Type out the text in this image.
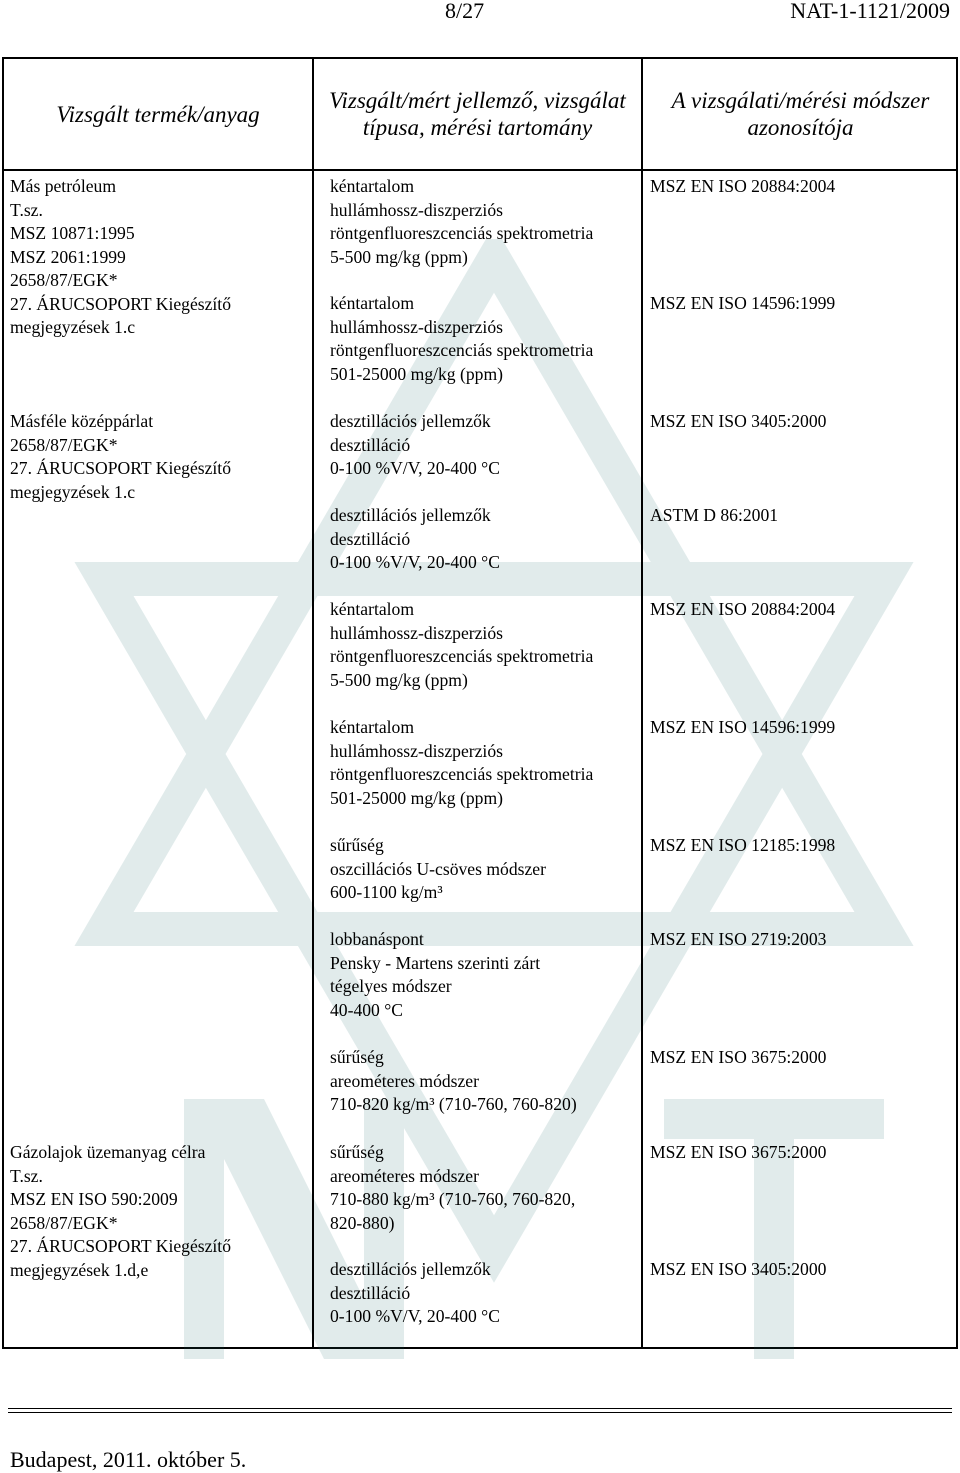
8/27	NAT-1-1121/2009
Vizsgált termék/anyag
Vizsgált/mért jellemző, vizsgálat típusa, mérési tartomány
A vizsgálati/mérési módszer azonosítója

Más petróleum

T.sz.

MSZ 10871:1995

MSZ 2061:1999

2658/87/EGK*

27. ÁRUCSOPORT Kiegészítő

megjegyzések 1.c

Másféle középpárlat

2658/87/EGK*

27. ÁRUCSOPORT Kiegészítő

megjegyzések 1.c

Gázolajok üzemanyag célra

T.sz.

MSZ EN ISO 590:2009

2658/87/EGK*

27. ÁRUCSOPORT Kiegészítő

megjegyzések 1.d,e

kéntartalom

hullámhossz-diszperziós

röntgenfluoreszcenciás spektrometria

5-500 mg/kg (ppm)

kéntartalom

hullámhossz-diszperziós

röntgenfluoreszcenciás spektrometria

501-25000 mg/kg (ppm)

desztillációs jellemzők

desztilláció

0-100 %V/V, 20-400 °C

desztillációs jellemzők

desztilláció

0-100 %V/V, 20-400 °C

kéntartalom

hullámhossz-diszperziós

röntgenfluoreszcenciás spektrometria

5-500 mg/kg (ppm)

kéntartalom

hullámhossz-diszperziós

röntgenfluoreszcenciás spektrometria

501-25000 mg/kg (ppm)

sűrűség

oszcillációs U-csöves módszer

600-1100 kg/m³

lobbanáspont

Pensky - Martens szerinti zárt

tégelyes módszer

40-400 °C

sűrűség

areométeres módszer

710-820 kg/m³ (710-760, 760-820)

sűrűség

areométeres módszer

710-880 kg/m³ (710-760, 760-820,

820-880)

desztillációs jellemzők

desztilláció

0-100 %V/V, 20-400 °C

MSZ EN ISO 20884:2004
MSZ EN ISO 14596:1999
MSZ EN ISO 3405:2000
ASTM D 86:2001
MSZ EN ISO 20884:2004
MSZ EN ISO 14596:1999
MSZ EN ISO 12185:1998
MSZ EN ISO 2719:2003
MSZ EN ISO 3675:2000
MSZ EN ISO 3675:2000
MSZ EN ISO 3405:2000
Budapest, 2011. október 5.
